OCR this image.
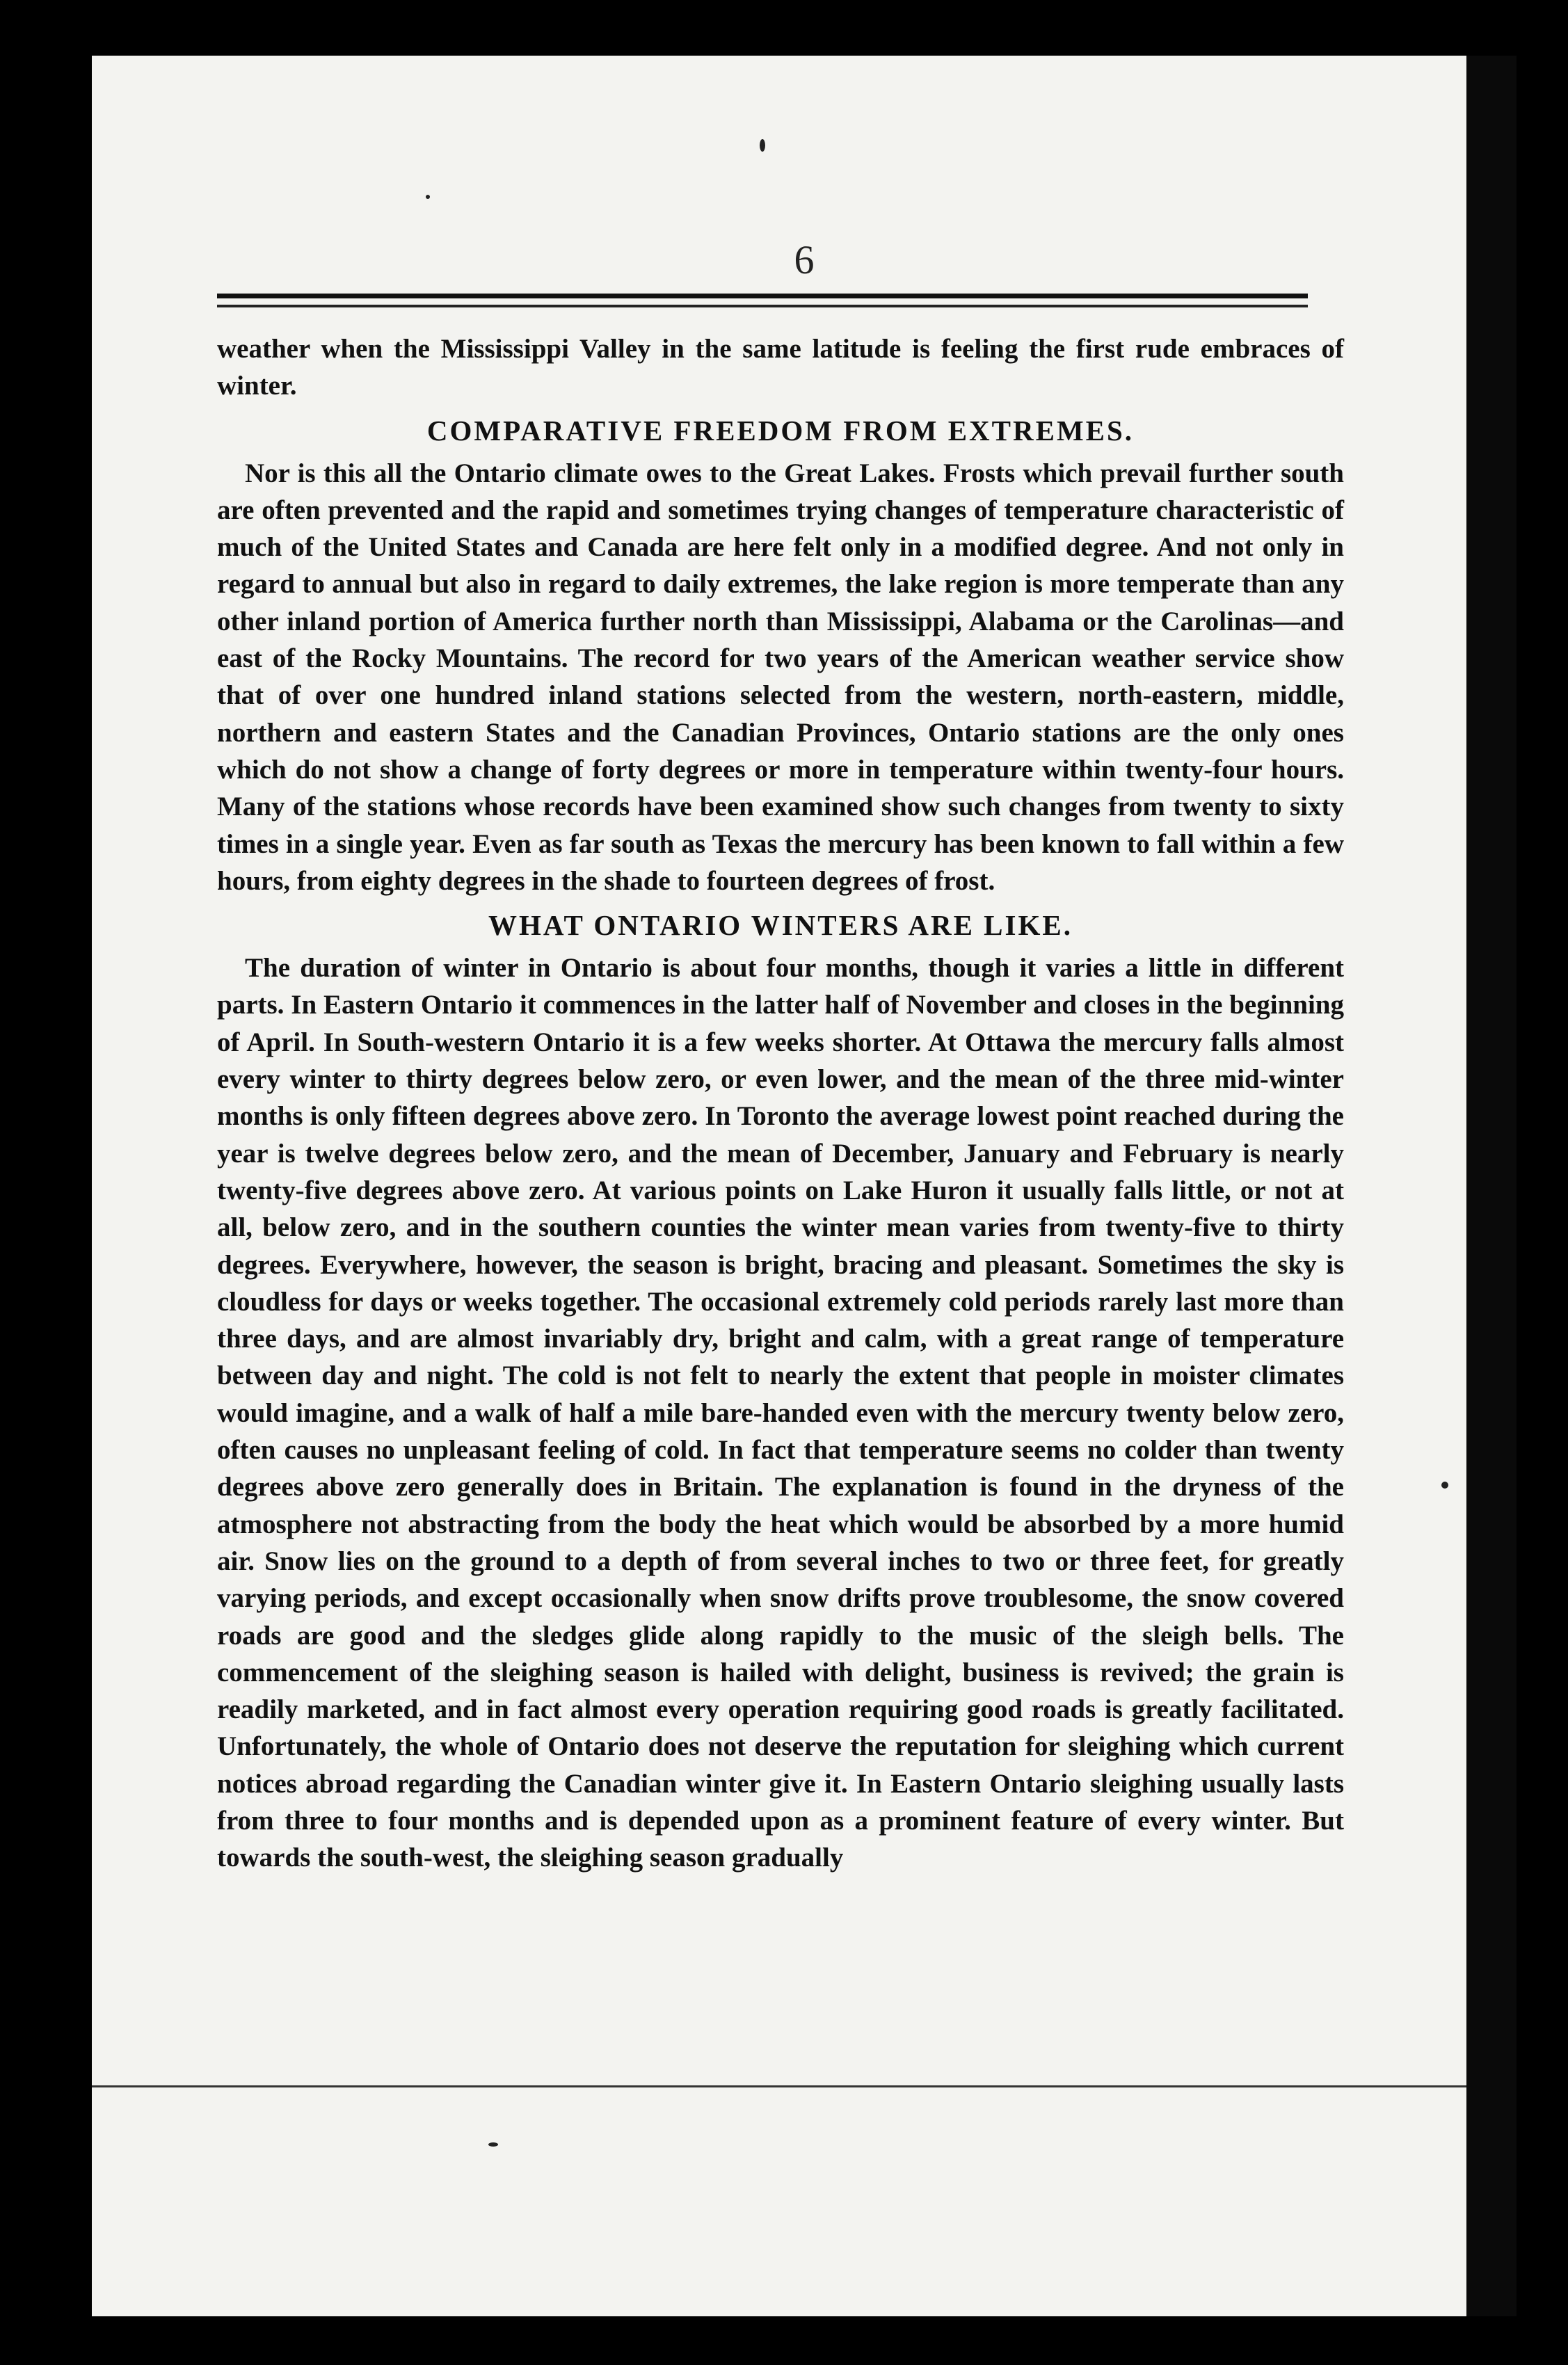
6

weather when the Mississippi Valley in the same latitude is feeling the first rude embraces of winter.

COMPARATIVE FREEDOM FROM EXTREMES.

Nor is this all the Ontario climate owes to the Great Lakes. Frosts which prevail further south are often prevented and the rapid and sometimes trying changes of temperature characteristic of much of the United States and Canada are here felt only in a modified degree. And not only in regard to annual but also in regard to daily extremes, the lake region is more temperate than any other inland portion of America further north than Mississippi, Alabama or the Carolinas—and east of the Rocky Mountains. The record for two years of the American weather service show that of over one hundred inland stations selected from the western, north-eastern, middle, northern and eastern States and the Canadian Provinces, Ontario stations are the only ones which do not show a change of forty degrees or more in temperature within twenty-four hours. Many of the stations whose records have been examined show such changes from twenty to sixty times in a single year. Even as far south as Texas the mercury has been known to fall within a few hours, from eighty degrees in the shade to fourteen degrees of frost.

WHAT ONTARIO WINTERS ARE LIKE.

The duration of winter in Ontario is about four months, though it varies a little in different parts. In Eastern Ontario it commences in the latter half of November and closes in the beginning of April. In South-western Ontario it is a few weeks shorter. At Ottawa the mercury falls almost every winter to thirty degrees below zero, or even lower, and the mean of the three mid-winter months is only fifteen degrees above zero. In Toronto the average lowest point reached during the year is twelve degrees below zero, and the mean of December, January and February is nearly twenty-five degrees above zero. At various points on Lake Huron it usually falls little, or not at all, below zero, and in the southern counties the winter mean varies from twenty-five to thirty degrees. Everywhere, however, the season is bright, bracing and pleasant. Sometimes the sky is cloudless for days or weeks together. The occasional extremely cold periods rarely last more than three days, and are almost invariably dry, bright and calm, with a great range of temperature between day and night. The cold is not felt to nearly the extent that people in moister climates would imagine, and a walk of half a mile bare-handed even with the mercury twenty below zero, often causes no unpleasant feeling of cold. In fact that temperature seems no colder than twenty degrees above zero generally does in Britain. The explanation is found in the dryness of the atmosphere not abstracting from the body the heat which would be absorbed by a more humid air. Snow lies on the ground to a depth of from several inches to two or three feet, for greatly varying periods, and except occasionally when snow drifts prove troublesome, the snow covered roads are good and the sledges glide along rapidly to the music of the sleigh bells. The commencement of the sleighing season is hailed with delight, business is revived; the grain is readily marketed, and in fact almost every operation requiring good roads is greatly facilitated. Unfortunately, the whole of Ontario does not deserve the reputation for sleighing which current notices abroad regarding the Canadian winter give it. In Eastern Ontario sleighing usually lasts from three to four months and is depended upon as a prominent feature of every winter. But towards the south-west, the sleighing season gradually
